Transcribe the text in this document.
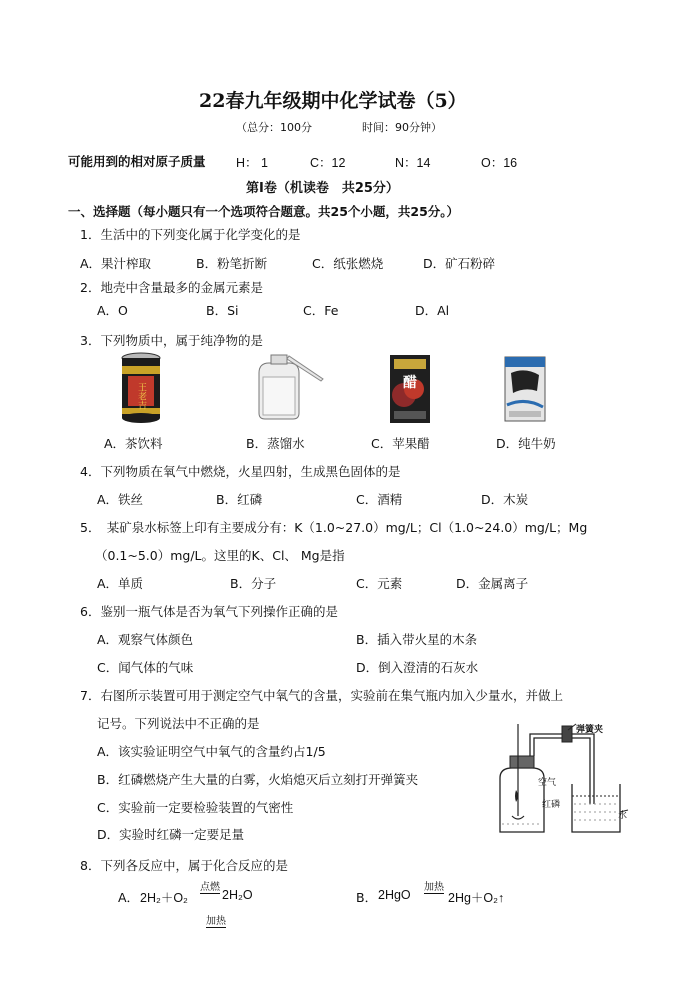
22春九年级期中化学试卷（5）
（总分：100分	时间：90分钟）
可能用到的相对原子质量 H： 1	C：12	N：14	O：16
第Ⅰ卷（机读卷　共25分）
一、选择题（每小题只有一个选项符合题意。共25个小题，共25分。）
1．生活中的下列变化属于化学变化的是
A．果汁榨取	B．粉笔折断	C．纸张燃烧	D．矿石粉碎
2．地壳中含量最多的金属元素是
A．O	B．Si	C．Fe	D．Al
3．下列物质中，属于纯净物的是
王老吉	醋
A．茶饮料	B．蒸馏水	C．苹果醋	D．纯牛奶
4．下列物质在氧气中燃烧，火星四射，生成黑色固体的是
A．铁丝	B．红磷	C．酒精	D．木炭
5．　某矿泉水标签上印有主要成分有：K（1.0~27.0）mg/L；Cl（1.0~24.0）mg/L；Mg
（0.1~5.0）mg/L。这里的K、Cl、 Mg是指
A．单质	B．分子	C．元素	D．金属离子
6．鉴别一瓶气体是否为氧气下列操作正确的是
A．观察气体颜色	B．插入带火星的木条
C．闻气体的气味	D．倒入澄清的石灰水
7．右图所示装置可用于测定空气中氧气的含量，实验前在集气瓶内加入少量水，并做上
记号。下列说法中不正确的是
A．该实验证明空气中氧气的含量约占1/5
B．红磷燃烧产生大量的白雾，火焰熄灭后立刻打开弹簧夹
C．实验前一定要检验装置的气密性
D．实验时红磷一定要足量
弹簧夹
空气
红磷
水
8．下列各反应中，属于化合反应的是
A． 2H₂＋O₂
点燃
2H₂O
加热
B． 2HgO
加热
2Hg＋O₂↑
